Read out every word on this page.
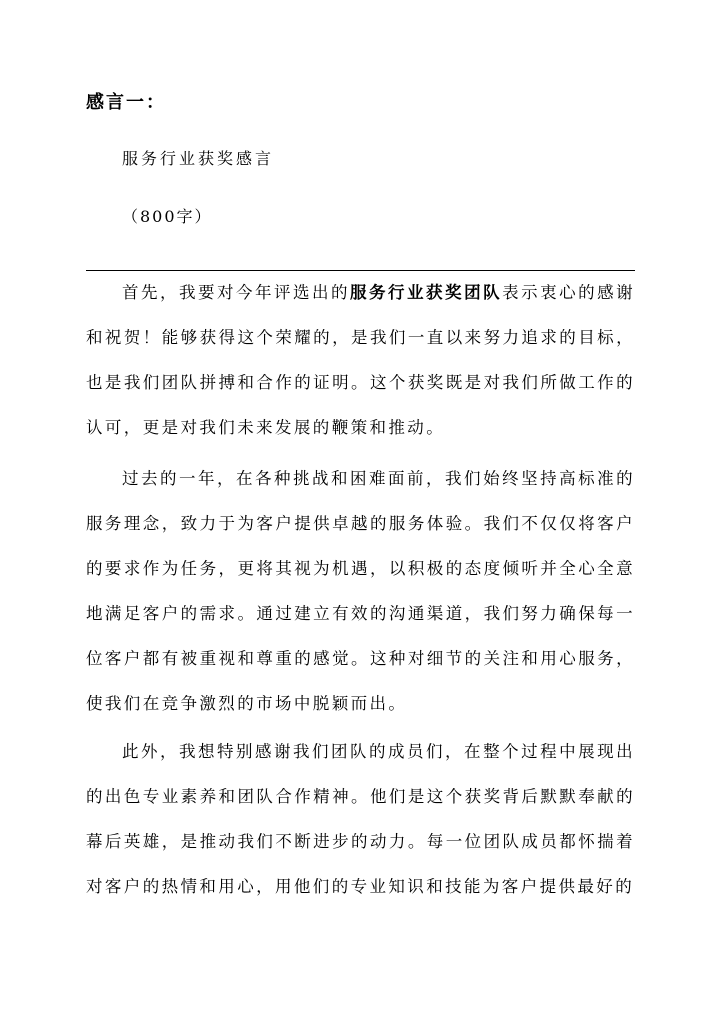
感言一：
服务行业获奖感言
（800字）

首先，我要对今年评选出的服务行业获奖团队表示衷心的感谢和祝贺！能够获得这个荣耀的，是我们一直以来努力追求的目标，也是我们团队拼搏和合作的证明。这个获奖既是对我们所做工作的认可，更是对我们未来发展的鞭策和推动。

过去的一年，在各种挑战和困难面前，我们始终坚持高标准的服务理念，致力于为客户提供卓越的服务体验。我们不仅仅将客户的要求作为任务，更将其视为机遇，以积极的态度倾听并全心全意地满足客户的需求。通过建立有效的沟通渠道，我们努力确保每一位客户都有被重视和尊重的感觉。这种对细节的关注和用心服务，使我们在竞争激烈的市场中脱颖而出。

此外，我想特别感谢我们团队的成员们，在整个过程中展现出的出色专业素养和团队合作精神。他们是这个获奖背后默默奉献的幕后英雄，是推动我们不断进步的动力。每一位团队成员都怀揣着对客户的热情和用心，用他们的专业知识和技能为客户提供最好的
